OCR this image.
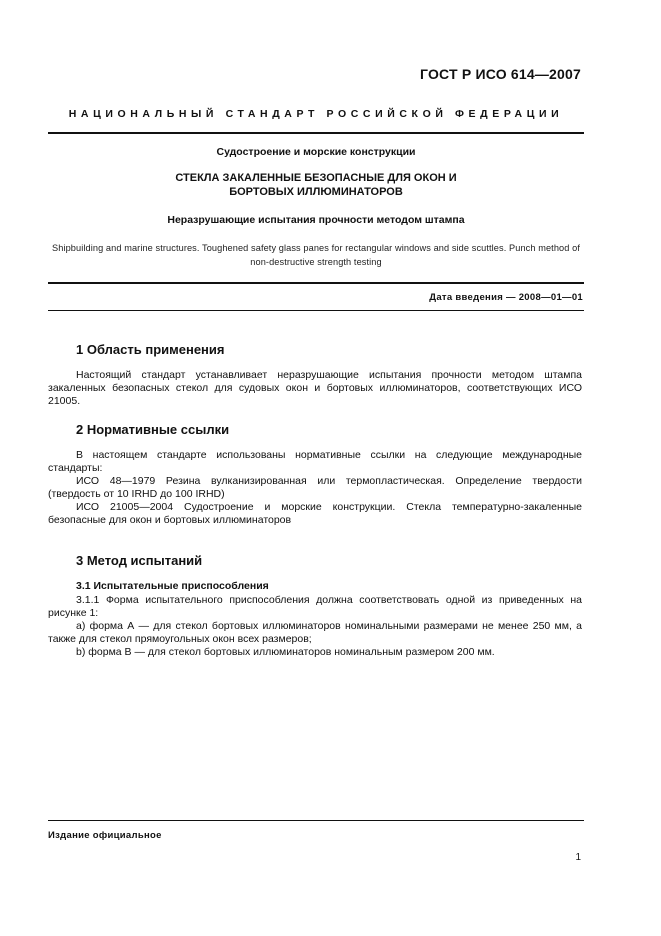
ГОСТ Р ИСО 614—2007
НАЦИОНАЛЬНЫЙ СТАНДАРТ РОССИЙСКОЙ ФЕДЕРАЦИИ
Судостроение и морские конструкции
СТЕКЛА ЗАКАЛЕННЫЕ БЕЗОПАСНЫЕ ДЛЯ ОКОН И БОРТОВЫХ ИЛЛЮМИНАТОРОВ
Неразрушающие испытания прочности методом штампа
Shipbuilding and marine structures. Toughened safety glass panes for rectangular windows and side scuttles. Punch method of non-destructive strength testing
Дата введения — 2008—01—01
1 Область применения

Настоящий стандарт устанавливает неразрушающие испытания прочности методом штампа закаленных безопасных стекол для судовых окон и бортовых иллюминаторов, соответствующих ИСО 21005.

2 Нормативные ссылки

В настоящем стандарте использованы нормативные ссылки на следующие международные стандарты:

ИСО 48—1979 Резина вулканизированная или термопластическая. Определение твердости (твердость от 10 IRHD до 100 IRHD)

ИСО 21005—2004 Судостроение и морские конструкции. Стекла температурно-закаленные безопасные для окон и бортовых иллюминаторов

3 Метод испытаний
3.1 Испытательные приспособления

3.1.1 Форма испытательного приспособления должна соответствовать одной из приведенных на рисунке 1:

a) форма А — для стекол бортовых иллюминаторов номинальными размерами не менее 250 мм, а также для стекол прямоугольных окон всех размеров;

b) форма В — для стекол бортовых иллюминаторов номинальным размером 200 мм.

Издание официальное
1
